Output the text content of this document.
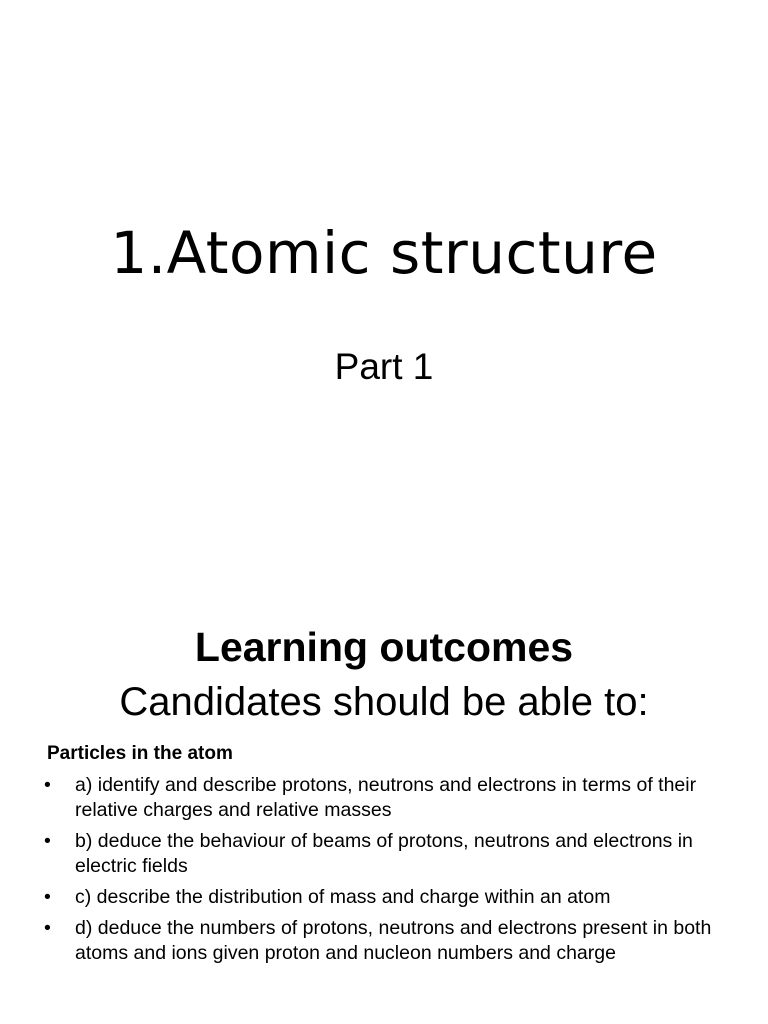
1.Atomic structure

Part 1

Learning outcomes

Candidates should be able to:

Particles in the atom

• a) identify and describe protons, neutrons and electrons in terms of their relative charges and relative masses
• b) deduce the behaviour of beams of protons, neutrons and electrons in electric fields
• c) describe the distribution of mass and charge within an atom
• d) deduce the numbers of protons, neutrons and electrons present in both atoms and ions given proton and nucleon numbers and charge
